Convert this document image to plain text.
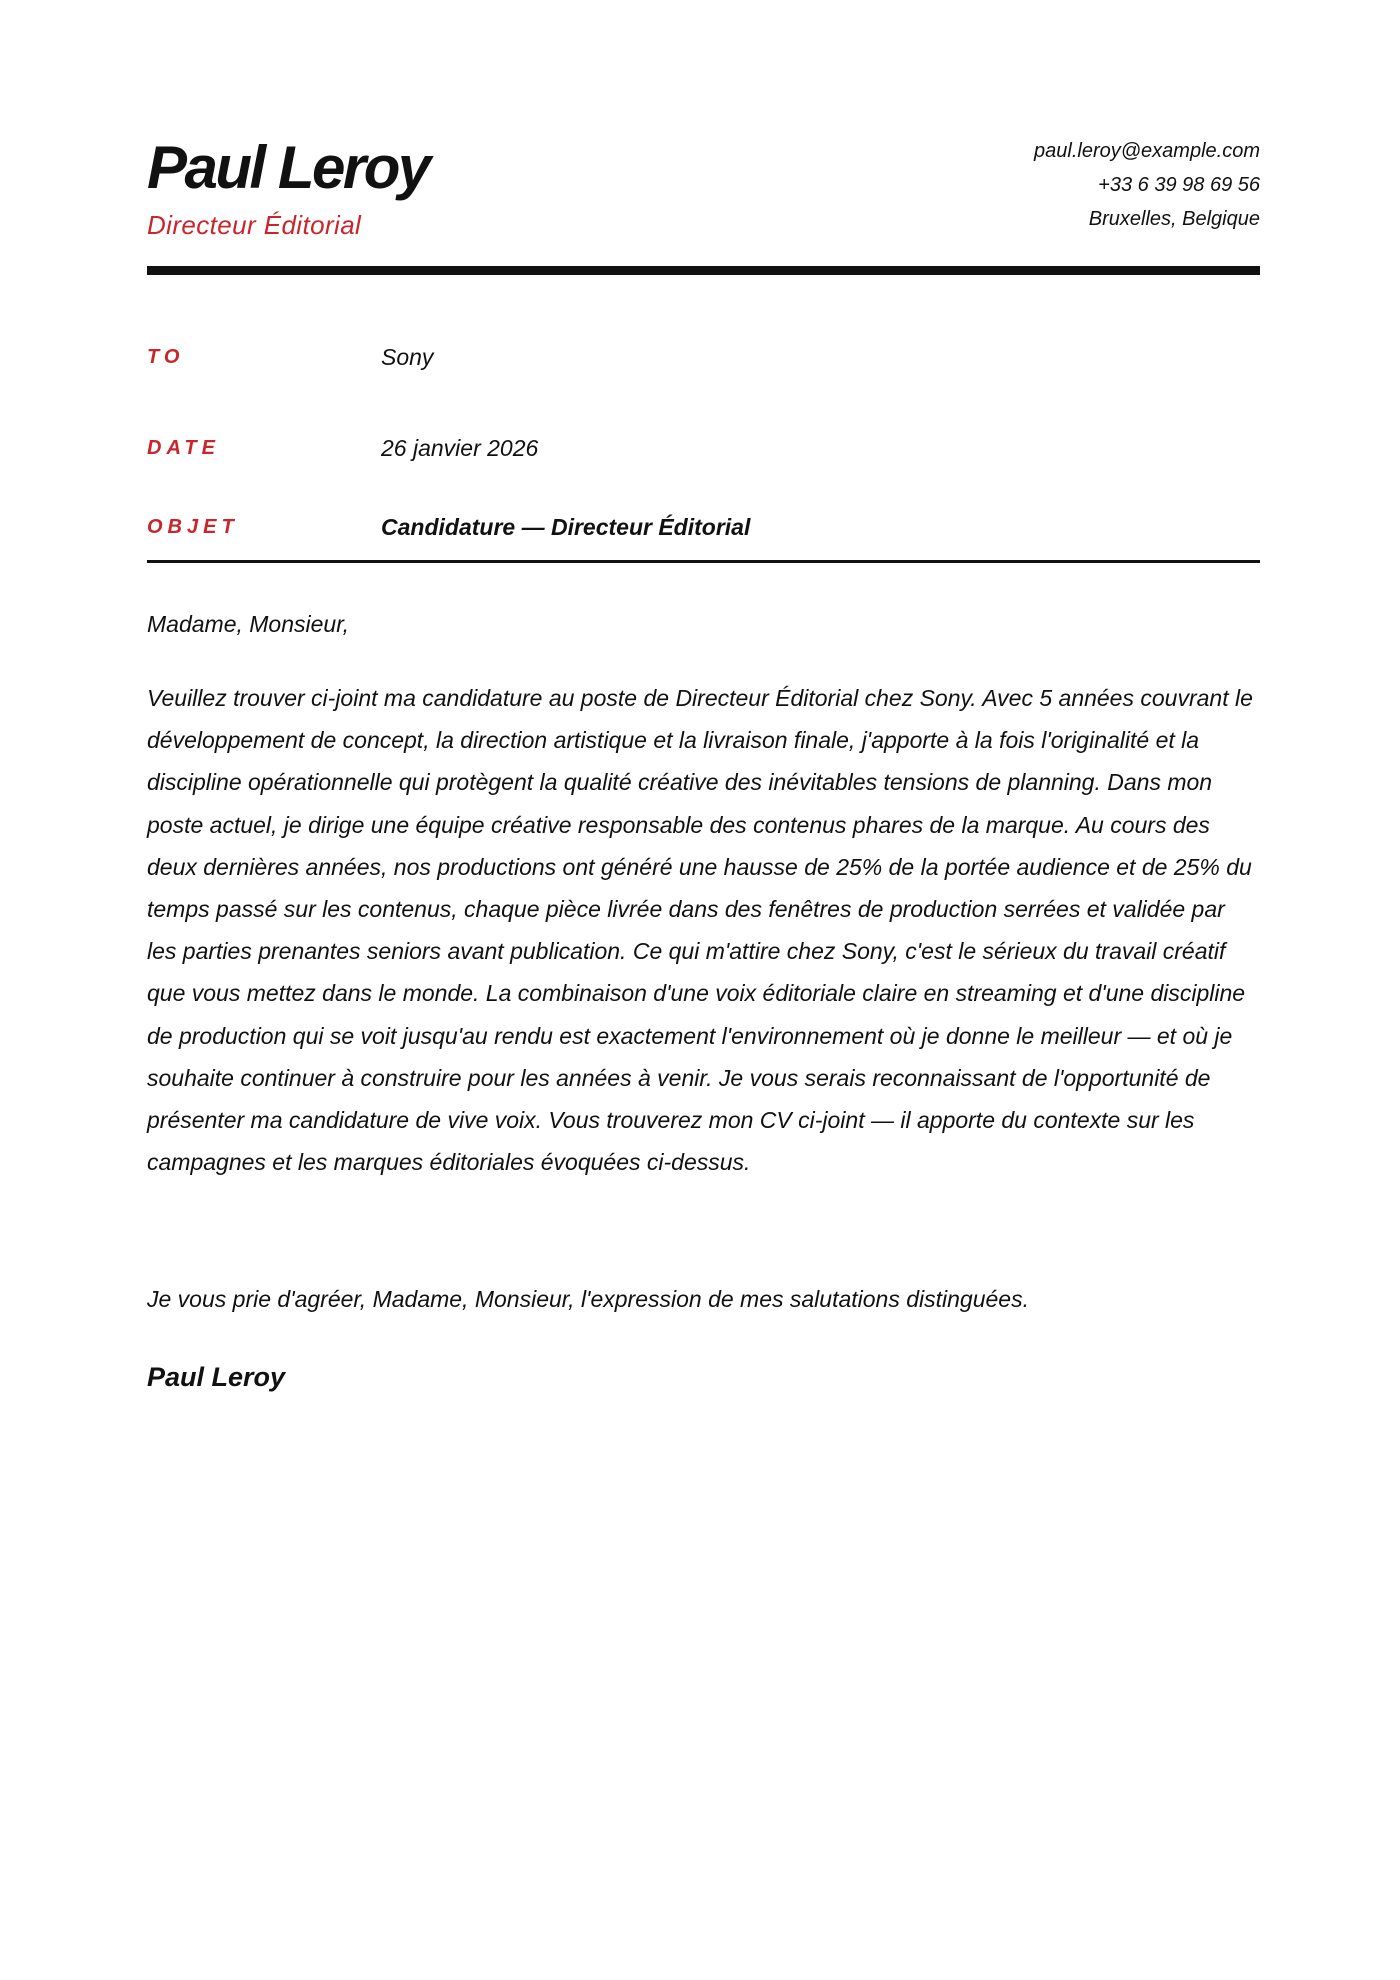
Paul Leroy
Directeur Éditorial
paul.leroy@example.com
+33 6 39 98 69 56
Bruxelles, Belgique
TO	Sony
DATE	26 janvier 2026
OBJET	Candidature — Directeur Éditorial
Madame, Monsieur,

Veuillez trouver ci-joint ma candidature au poste de Directeur Éditorial chez Sony. Avec 5 années couvrant le développement de concept, la direction artistique et la livraison finale, j'apporte à la fois l'originalité et la discipline opérationnelle qui protègent la qualité créative des inévitables tensions de planning. Dans mon poste actuel, je dirige une équipe créative responsable des contenus phares de la marque. Au cours des deux dernières années, nos productions ont généré une hausse de 25% de la portée audience et de 25% du temps passé sur les contenus, chaque pièce livrée dans des fenêtres de production serrées et validée par les parties prenantes seniors avant publication. Ce qui m'attire chez Sony, c'est le sérieux du travail créatif que vous mettez dans le monde. La combinaison d'une voix éditoriale claire en streaming et d'une discipline de production qui se voit jusqu'au rendu est exactement l'environnement où je donne le meilleur — et où je souhaite continuer à construire pour les années à venir. Je vous serais reconnaissant de l'opportunité de présenter ma candidature de vive voix. Vous trouverez mon CV ci-joint — il apporte du contexte sur les campagnes et les marques éditoriales évoquées ci-dessus.

Je vous prie d'agréer, Madame, Monsieur, l'expression de mes salutations distinguées.
Paul Leroy
